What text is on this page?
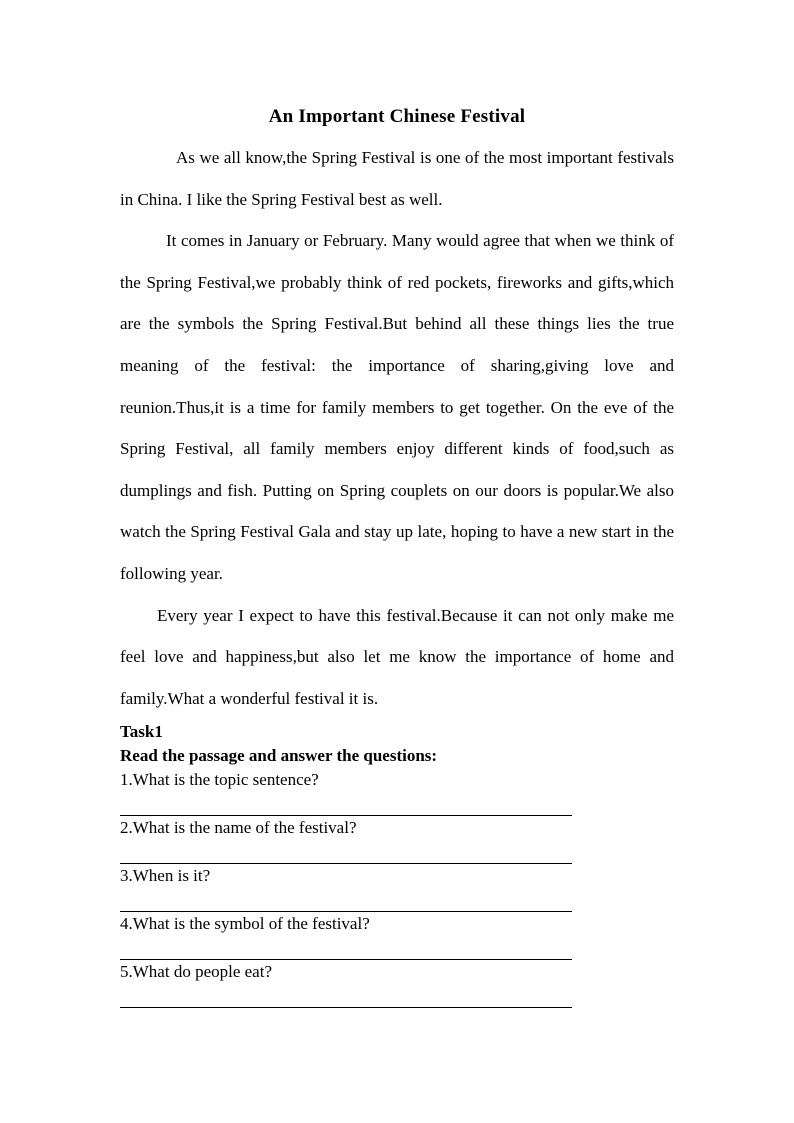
An Important Chinese Festival

As we all know,the Spring Festival is one of the most important festivals in China. I like the Spring Festival best as well.

It comes in January or February. Many would agree that when we think of the Spring Festival,we probably think of red pockets, fireworks and gifts,which are the symbols the Spring Festival.But behind all these things lies the true meaning of the festival: the importance of sharing,giving love and reunion.Thus,it is a time for family members to get together. On the eve of the Spring Festival, all family members enjoy different kinds of food,such as dumplings and fish. Putting on Spring couplets on our doors is popular.We also watch the Spring Festival Gala and stay up late, hoping to have a new start in the following year.

Every year I expect to have this festival.Because it can not only make me feel love and happiness,but also let me know the importance of home and family.What a wonderful festival it is.

Task1
Read the passage and answer the questions:
1.What is the topic sentence?
2.What is the name of the festival?
3.When is it?
4.What is the symbol of the festival?
5.What do people eat?
